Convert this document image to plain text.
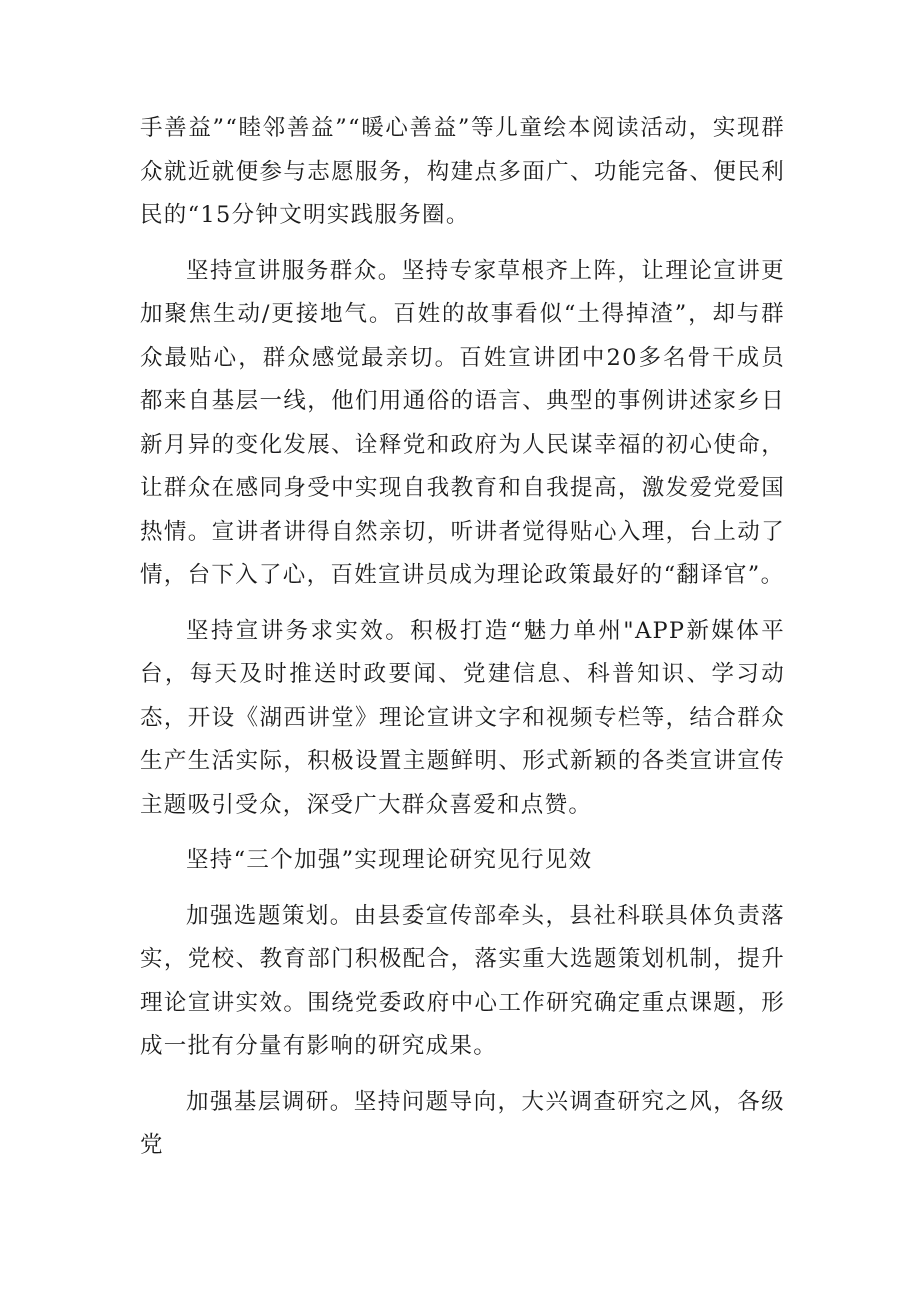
手善益”“睦邻善益”“暖心善益”等儿童绘本阅读活动，实现群众就近就便参与志愿服务，构建点多面广、功能完备、便民利民的“15分钟文明实践服务圈。

坚持宣讲服务群众。坚持专家草根齐上阵，让理论宣讲更加聚焦生动/更接地气。百姓的故事看似“土得掉渣”，却与群众最贴心，群众感觉最亲切。百姓宣讲团中20多名骨干成员都来自基层一线，他们用通俗的语言、典型的事例讲述家乡日新月异的变化发展、诠释党和政府为人民谋幸福的初心使命，让群众在感同身受中实现自我教育和自我提高，激发爱党爱国热情。宣讲者讲得自然亲切，听讲者觉得贴心入理，台上动了情，台下入了心，百姓宣讲员成为理论政策最好的“翻译官”。

坚持宣讲务求实效。积极打造“魅力单州"APP新媒体平台，每天及时推送时政要闻、党建信息、科普知识、学习动态，开设《湖西讲堂》理论宣讲文字和视频专栏等，结合群众生产生活实际，积极设置主题鲜明、形式新颖的各类宣讲宣传主题吸引受众，深受广大群众喜爱和点赞。

坚持“三个加强”实现理论研究见行见效

加强选题策划。由县委宣传部牵头，县社科联具体负责落实，党校、教育部门积极配合，落实重大选题策划机制，提升理论宣讲实效。围绕党委政府中心工作研究确定重点课题，形成一批有分量有影响的研究成果。

加强基层调研。坚持问题导向，大兴调查研究之风，各级党
